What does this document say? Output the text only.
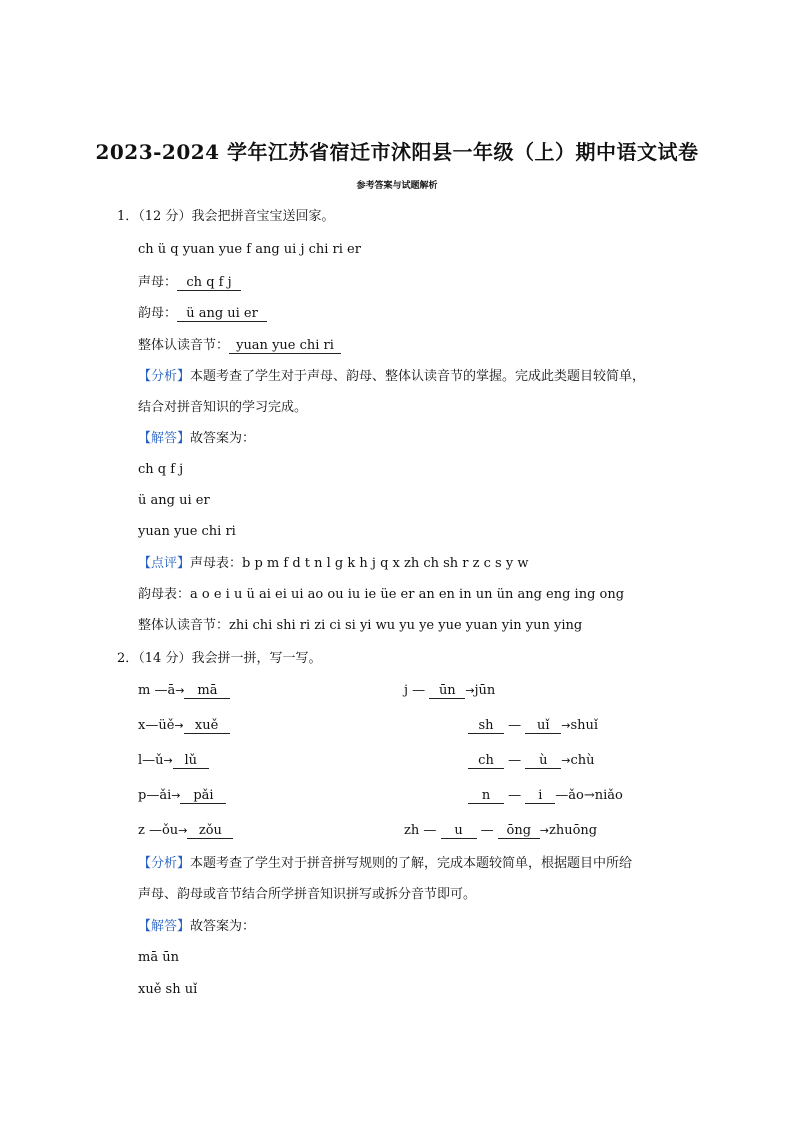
2023-2024 学年江苏省宿迁市沭阳县一年级（上）期中语文试卷
参考答案与试题解析
1．（12 分）我会把拼音宝宝送回家。
ch ü q yuan yue f ang ui j chi ri er
声母： ch q f j
韵母： ü ang ui er
整体认读音节： yuan yue chi ri
【分析】本题考查了学生对于声母、韵母、整体认读音节的掌握。完成此类题目较简单，
结合对拼音知识的学习完成。
【解答】故答案为：
ch q f j
ü ang ui er
yuan yue chi ri
【点评】声母表：b p m f d t n l g k h j q x zh ch sh r z c s y w
韵母表：a o e i u ü ai ei ui ao ou iu ie üe er an en in un ün ang eng ing ong
整体认读音节：zhi chi shi ri zi ci si yi wu yu ye yue yuan yin yun ying
2．（14 分）我会拼一拼，写一写。
m —ā→ mā
x—üě→ xuě
l—ǔ→ lǔ
p—ǎi→ pǎi
z —ǒu→ zǒu
j — ūn →jūn
sh — uǐ →shuǐ
ch — ù →chù
n — i —ǎo→niǎo
zh — u — ōng →zhuōng
【分析】本题考查了学生对于拼音拼写规则的了解，完成本题较简单，根据题目中所给
声母、韵母或音节结合所学拼音知识拼写或拆分音节即可。
【解答】故答案为：
mā ūn
xuě sh uǐ
